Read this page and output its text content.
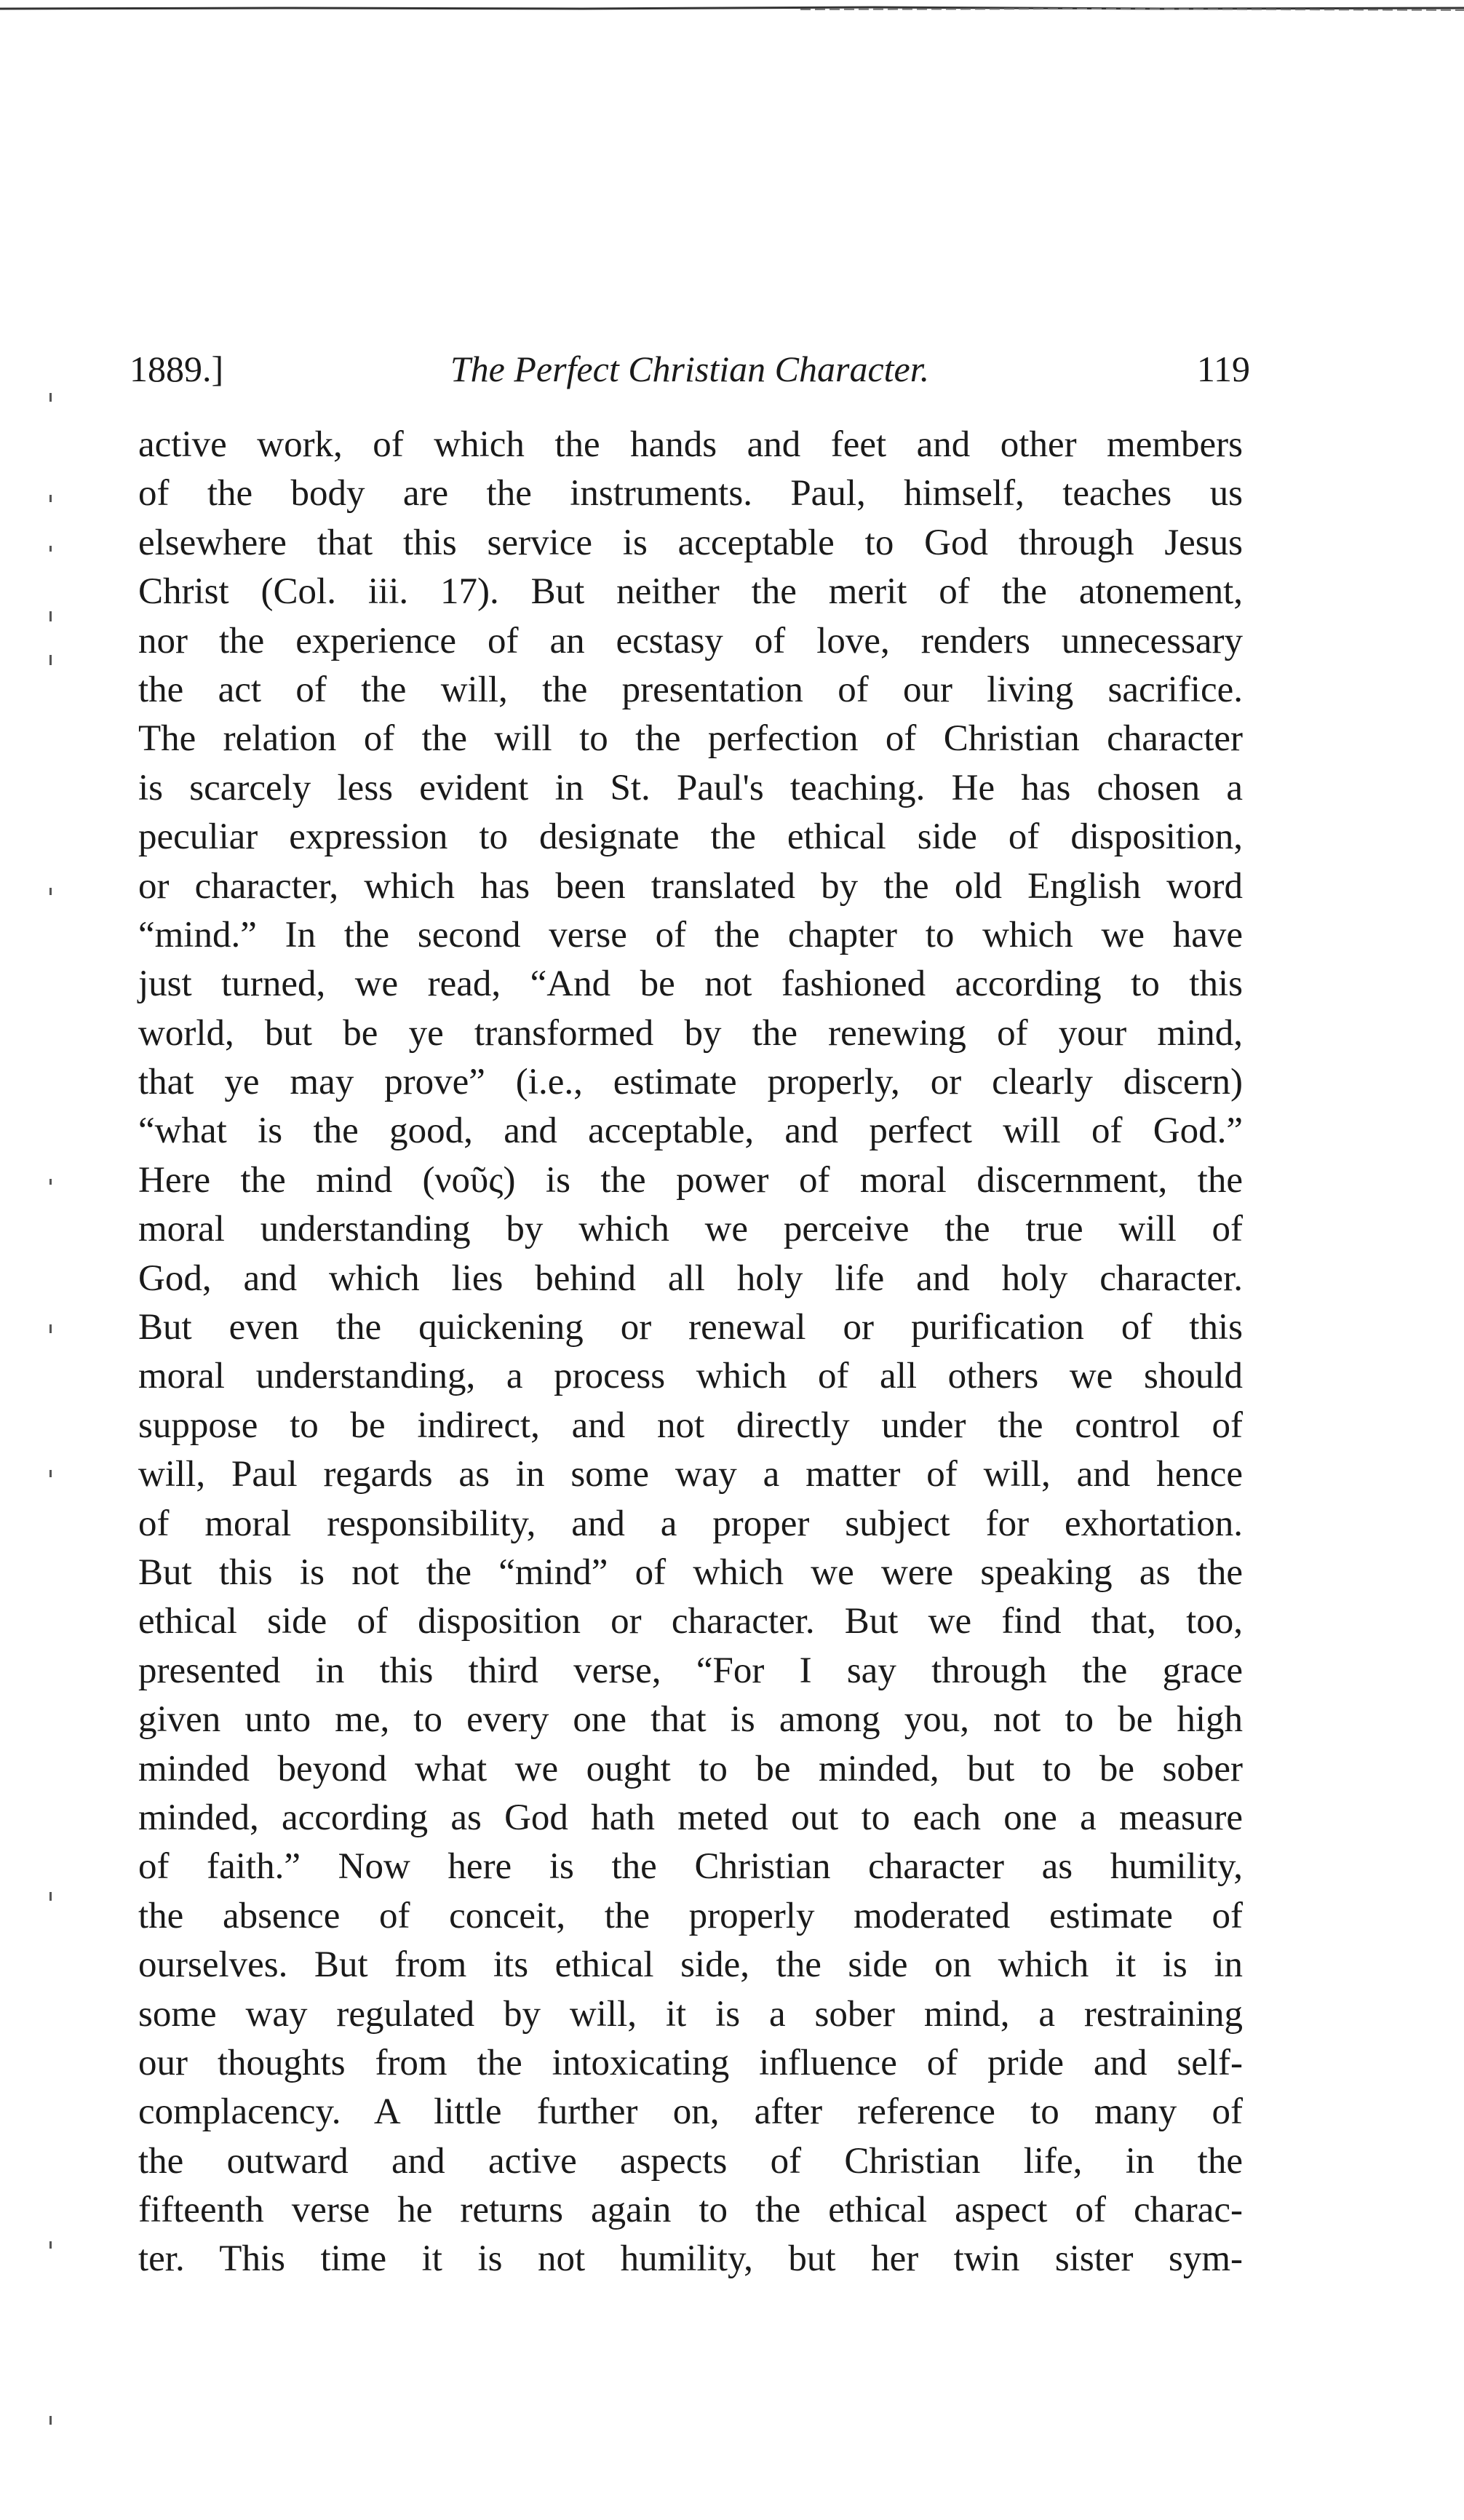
1889.]	The Perfect Christian Character.	119
active work, of which the hands and feet and other members
of the body are the instruments. Paul, himself, teaches us
elsewhere that this service is acceptable to God through Jesus
Christ (Col. iii. 17). But neither the merit of the atonement,
nor the experience of an ecstasy of love, renders unnecessary
the act of the will, the presentation of our living sacrifice.
The relation of the will to the perfection of Christian character
is scarcely less evident in St. Paul's teaching. He has chosen a
peculiar expression to designate the ethical side of disposition,
or character, which has been translated by the old English word
“mind.” In the second verse of the chapter to which we have
just turned, we read, “And be not fashioned according to this
world, but be ye transformed by the renewing of your mind,
that ye may prove” (i.e., estimate properly, or clearly discern)
“what is the good, and acceptable, and perfect will of God.”
Here the mind (νοῦς) is the power of moral discernment, the
moral understanding by which we perceive the true will of
God, and which lies behind all holy life and holy character.
But even the quickening or renewal or purification of this
moral understanding, a process which of all others we should
suppose to be indirect, and not directly under the control of
will, Paul regards as in some way a matter of will, and hence
of moral responsibility, and a proper subject for exhortation.
But this is not the “mind” of which we were speaking as the
ethical side of disposition or character. But we find that, too,
presented in this third verse, “For I say through the grace
given unto me, to every one that is among you, not to be high
minded beyond what we ought to be minded, but to be sober
minded, according as God hath meted out to each one a measure
of faith.” Now here is the Christian character as humility,
the absence of conceit, the properly moderated estimate of
ourselves. But from its ethical side, the side on which it is in
some way regulated by will, it is a sober mind, a restraining
our thoughts from the intoxicating influence of pride and self-
complacency. A little further on, after reference to many of
the outward and active aspects of Christian life, in the
fifteenth verse he returns again to the ethical aspect of charac-
ter. This time it is not humility, but her twin sister sym-
